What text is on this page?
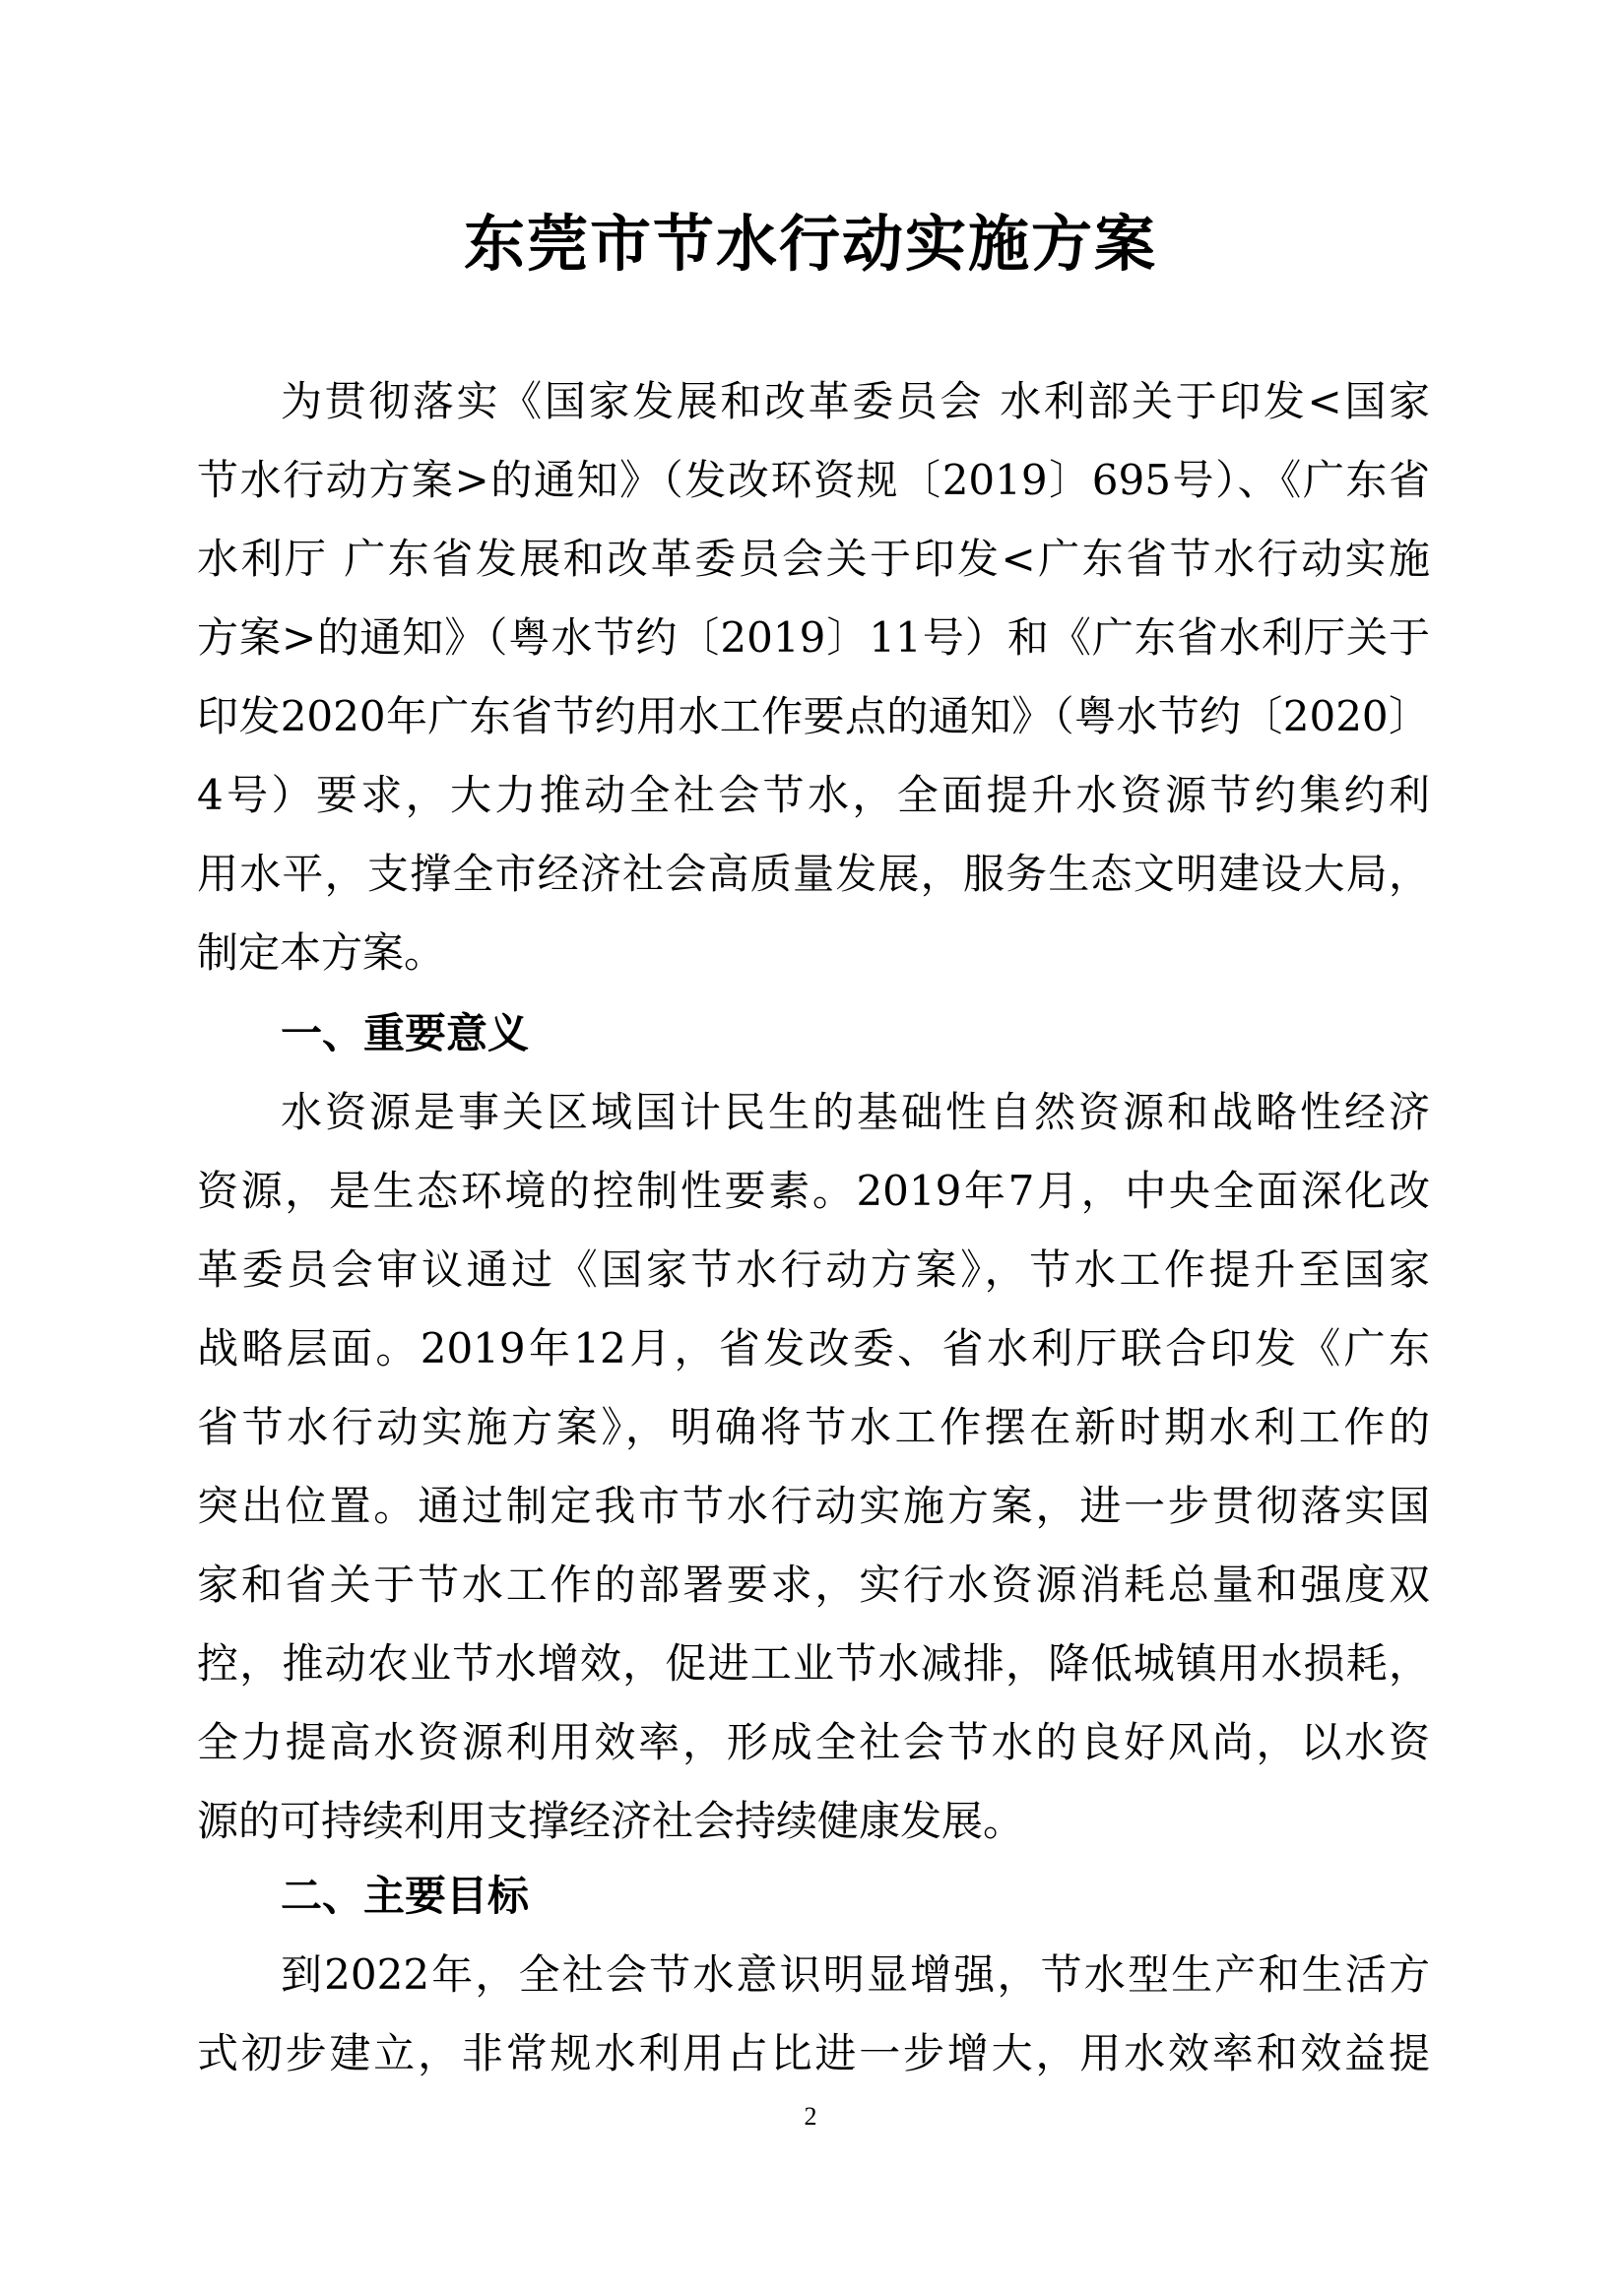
东莞市节水行动实施方案
为贯彻落实《国家发展和改革委员会 水利部关于印发<国家
节水行动方案>的通知》（发改环资规〔2019〕695号）、《广东省
水利厅 广东省发展和改革委员会关于印发<广东省节水行动实施
方案>的通知》（粤水节约〔2019〕11号）和《广东省水利厅关于
印发2020年广东省节约用水工作要点的通知》（粤水节约〔2020〕
4号）要求，大力推动全社会节水，全面提升水资源节约集约利
用水平，支撑全市经济社会高质量发展，服务生态文明建设大局，
制定本方案。
一、重要意义
水资源是事关区域国计民生的基础性自然资源和战略性经济
资源，是生态环境的控制性要素。2019年7月，中央全面深化改
革委员会审议通过《国家节水行动方案》，节水工作提升至国家
战略层面。2019年12月，省发改委、省水利厅联合印发《广东
省节水行动实施方案》，明确将节水工作摆在新时期水利工作的
突出位置。通过制定我市节水行动实施方案，进一步贯彻落实国
家和省关于节水工作的部署要求，实行水资源消耗总量和强度双
控，推动农业节水增效，促进工业节水减排，降低城镇用水损耗，
全力提高水资源利用效率，形成全社会节水的良好风尚，以水资
源的可持续利用支撑经济社会持续健康发展。
二、主要目标
到2022年，全社会节水意识明显增强，节水型生产和生活方
式初步建立，非常规水利用占比进一步增大，用水效率和效益提
2
